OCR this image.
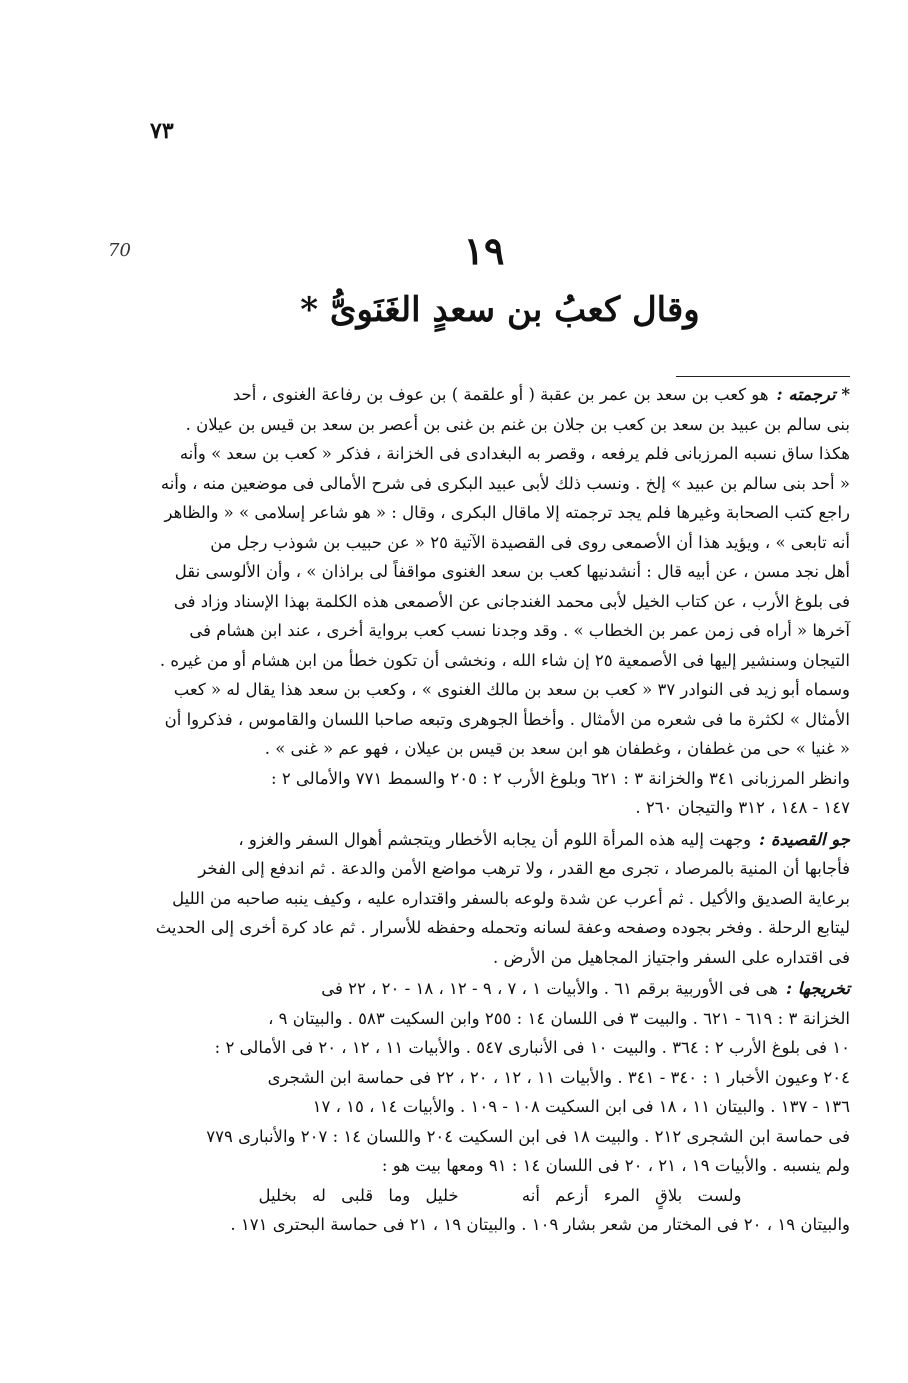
٧٣
70	١٩
وقال كعبُ بن سعدٍ الغَنَوىُّ *

* ترجمته :هو كعب بن سعد بن عمر بن عقبة ( أو علقمة ) بن عوف بن رفاعة الغنوى ، أحد

بنى سالم بن عبيد بن سعد بن كعب بن جلان بن غنم بن غنى بن أعصر بن سعد بن قيس بن عيلان .

هكذا ساق نسبه المرزبانى فلم يرفعه ، وقصر به البغدادى فى الخزانة ، فذكر « كعب بن سعد » وأنه

« أحد بنى سالم بن عبيد » إلخ . ونسب ذلك لأبى عبيد البكرى فى شرح الأمالى فى موضعين منه ، وأنه

راجع كتب الصحابة وغيرها فلم يجد ترجمته إلا ماقال البكرى ، وقال : « هو شاعر إسلامى » « والظاهر

أنه تابعى » ، ويؤيد هذا أن الأصمعى روى فى القصيدة الآتية ٢٥ « عن حبيب بن شوذب رجل من

أهل نجد مسن ، عن أبيه قال : أنشدنيها كعب بن سعد الغنوى مواقفاً لى براذان » ، وأن الألوسى نقل

فى بلوغ الأرب ، عن كتاب الخيل لأبى محمد الغندجانى عن الأصمعى هذه الكلمة بهذا الإسناد وزاد فى

آخرها « أراه فى زمن عمر بن الخطاب » . وقد وجدنا نسب كعب برواية أخرى ، عند ابن هشام فى

التيجان وسنشير إليها فى الأصمعية ٢٥ إن شاء الله ، ونخشى أن تكون خطأ من ابن هشام أو من غيره .

وسماه أبو زيد فى النوادر ٣٧ « كعب بن سعد بن مالك الغنوى » ، وكعب بن سعد هذا يقال له « كعب

الأمثال » لكثرة ما فى شعره من الأمثال . وأخطأ الجوهرى وتبعه صاحبا اللسان والقاموس ، فذكروا أن

« غنيا » حى من غطفان ، وغطفان هو ابن سعد بن قيس بن عيلان ، فهو عم « غنى » .

وانظر المرزبانى ٣٤١ والخزانة ٣ : ٦٢١ وبلوغ الأرب ٢ : ٢٠٥ والسمط ٧٧١ والأمالى ٢ :

١٤٧ - ١٤٨ ، ٣١٢ والتيجان ٢٦٠ .

جو القصيدة :وجهت إليه هذه المرأة اللوم أن يجابه الأخطار ويتجشم أهوال السفر والغزو ،

فأجابها أن المنية بالمرصاد ، تجرى مع القدر ، ولا ترهب مواضع الأمن والدعة . ثم اندفع إلى الفخر

برعاية الصديق والأكيل . ثم أعرب عن شدة ولوعه بالسفر واقتداره عليه ، وكيف ينبه صاحبه من الليل

ليتابع الرحلة . وفخر بجوده وصفحه وعفة لسانه وتحمله وحفظه للأسرار . ثم عاد كرة أخرى إلى الحديث

فى اقتداره على السفر واجتياز المجاهيل من الأرض .

تخريجها :هى فى الأوربية برقم ٦١ . والأبيات ١ ، ٧ ، ٩ - ١٢ ، ١٨ - ٢٠ ، ٢٢ فى

الخزانة ٣ : ٦١٩ - ٦٢١ . والبيت ٣ فى اللسان ١٤ : ٢٥٥ وابن السكيت ٥٨٣ . والبيتان ٩ ،

١٠ فى بلوغ الأرب ٢ : ٣٦٤ . والبيت ١٠ فى الأنبارى ٥٤٧ . والأبيات ١١ ، ١٢ ، ٢٠ فى الأمالى ٢ :

٢٠٤ وعيون الأخبار ١ : ٣٤٠ - ٣٤١ . والأبيات ١١ ، ١٢ ، ٢٠ ، ٢٢ فى حماسة ابن الشجرى

١٣٦ - ١٣٧ . والبيتان ١١ ، ١٨ فى ابن السكيت ١٠٨ - ١٠٩ . والأبيات ١٤ ، ١٥ ، ١٧

فى حماسة ابن الشجرى ٢١٢ . والبيت ١٨ فى ابن السكيت ٢٠٤ واللسان ١٤ : ٢٠٧ والأنبارى ٧٧٩

ولم ينسبه . والأبيات ١٩ ، ٢١ ، ٢٠ فى اللسان ١٤ : ٩١ ومعها بيت هو :

ولست بلاقٍ المرء أزعم أنه خليل وما قلبى له بخليل

والبيتان ١٩ ، ٢٠ فى المختار من شعر بشار ١٠٩ . والبيتان ١٩ ، ٢١ فى حماسة البحترى ١٧١ .
